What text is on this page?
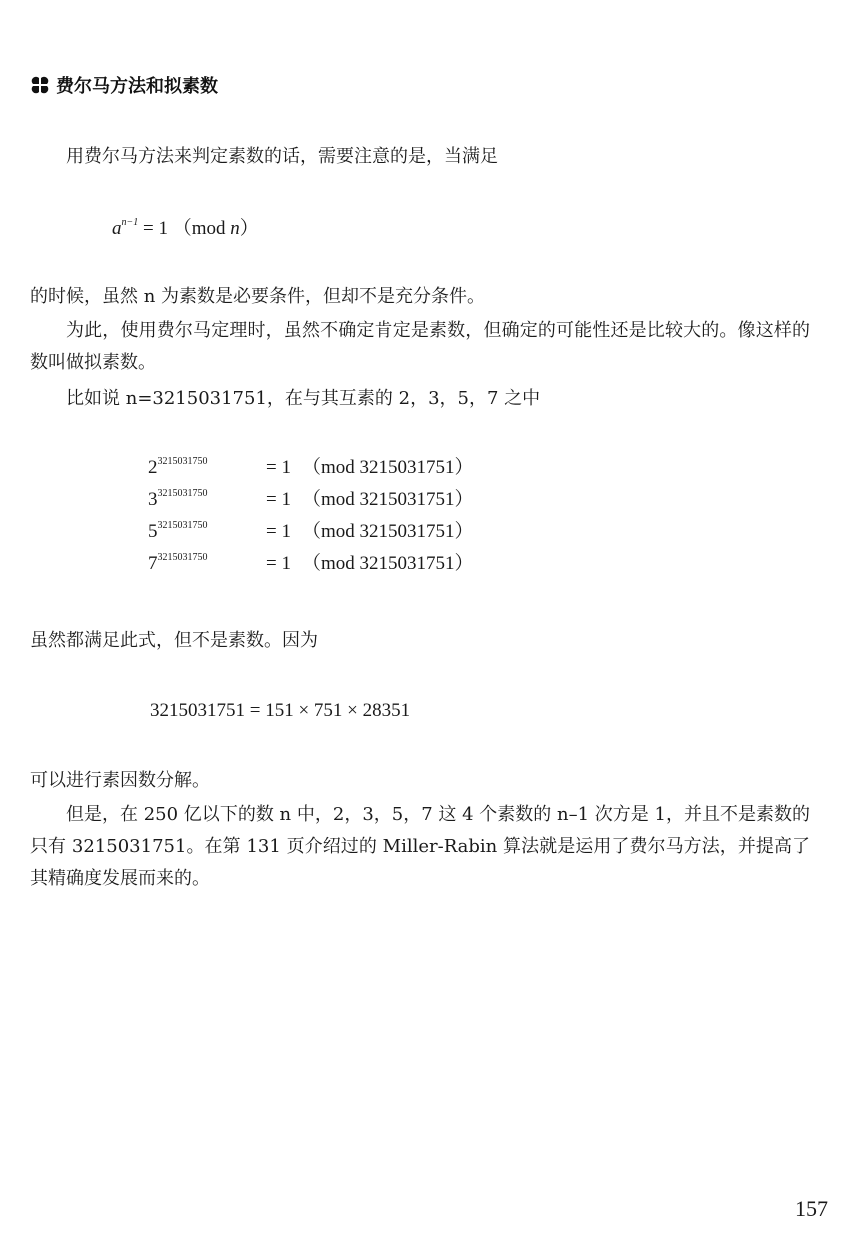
费尔马方法和拟素数
用费尔马方法来判定素数的话，需要注意的是，当满足
$a^{n-1} = 1$ （mod n）
的时候，虽然 n 为素数是必要条件，但却不是充分条件。
为此，使用费尔马定理时，虽然不确定肯定是素数，但确定的可能性还是比较大的。像这样的数叫做拟素数。
比如说 n=3215031751，在与其互素的 2，3，5，7 之中
$2^{3215031750}$	= 1 （mod 3215031751）
$3^{3215031750}$	= 1 （mod 3215031751）
$5^{3215031750}$	= 1 （mod 3215031751）
$7^{3215031750}$	= 1 （mod 3215031751）
虽然都满足此式，但不是素数。因为
3215031751 = 151 × 751 × 28351
可以进行素因数分解。
但是，在 250 亿以下的数 n 中，2，3，5，7 这 4 个素数的 n–1 次方是 1，并且不是素数的只有 3215031751。在第 131 页介绍过的 Miller-Rabin 算法就是运用了费尔马方法，并提高了其精确度发展而来的。
157
